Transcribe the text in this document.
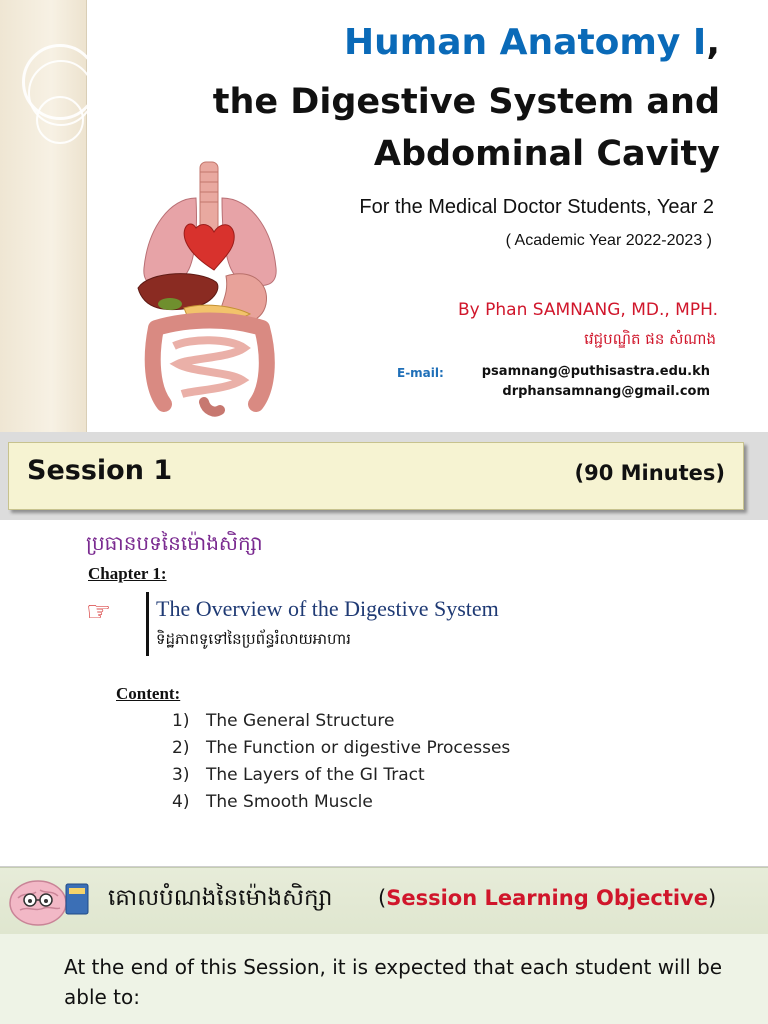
Human Anatomy I,
the Digestive System and
Abdominal Cavity
For the Medical Doctor Students, Year 2
( Academic Year 2022-2023 )
By Phan SAMNANG, MD., MPH.
វេជ្ជបណ្ឌិត ផន សំណាង
E-mail:	psamnang@puthisastra.edu.kh
drphansamnang@gmail.com
Session 1	(90 Minutes)
ប្រធានបទនៃម៉ោងសិក្សា
Chapter 1:
☞ The Overview of the Digestive System
ទិដ្ឋភាពទូទៅនៃប្រព័ន្ធរំលាយអាហារ
Content:
1) The General Structure
2) The Function or digestive Processes
3) The Layers of the GI Tract
4) The Smooth Muscle
គោលបំណងនៃម៉ោងសិក្សា (Session Learning Objective)
At the end of this Session, it is expected that each student will be able to:
